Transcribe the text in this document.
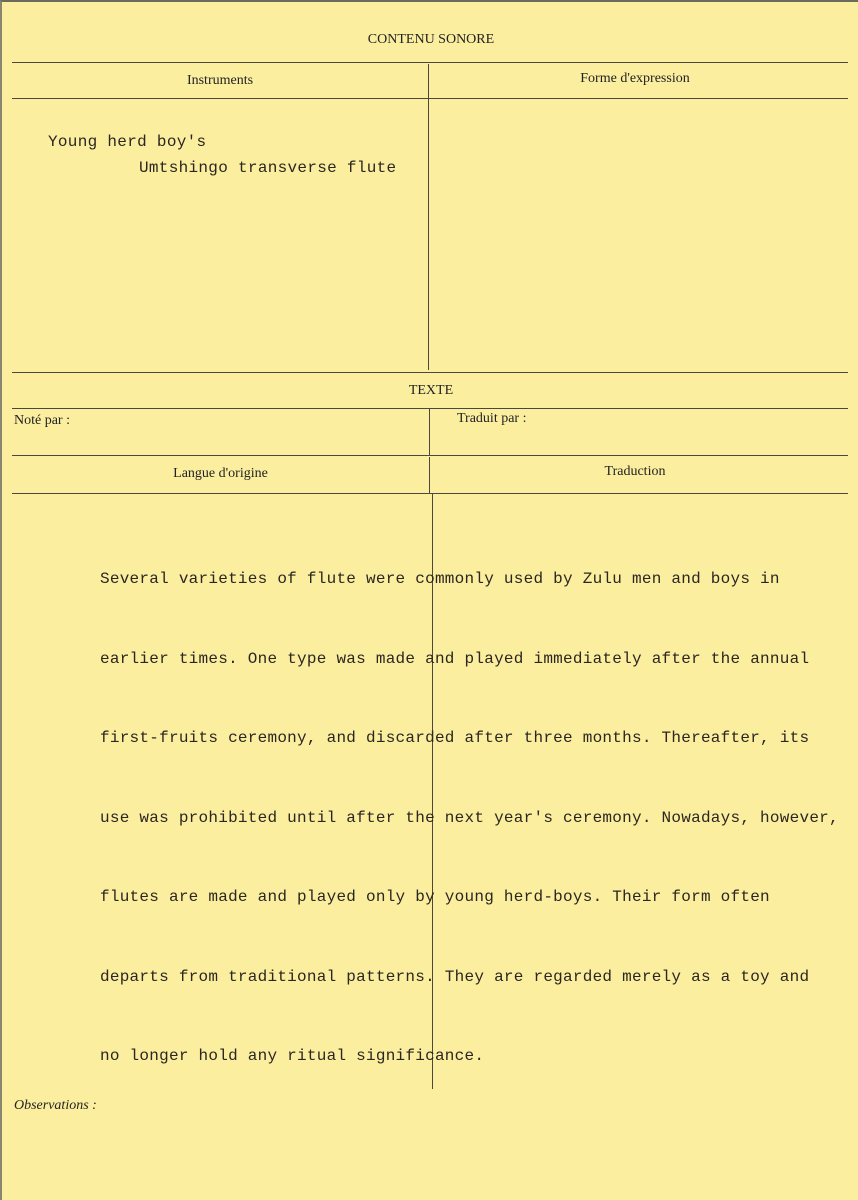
CONTENU SONORE
Instruments	Forme d'expression
Young herd boy's
Umtshingo transverse flute
TEXTE
Noté par :	Traduit par :
Langue d'origine	Traduction

Several varieties of flute were commonly used by Zulu men and boys in

earlier times. One type was made and played immediately after the annual

first-fruits ceremony, and discarded after three months. Thereafter, its

use was prohibited until after the next year's ceremony. Nowadays, however,

flutes are made and played only by young herd-boys. Their form often

departs from traditional patterns. They are regarded merely as a toy and

no longer hold any ritual significance.

Observations :
